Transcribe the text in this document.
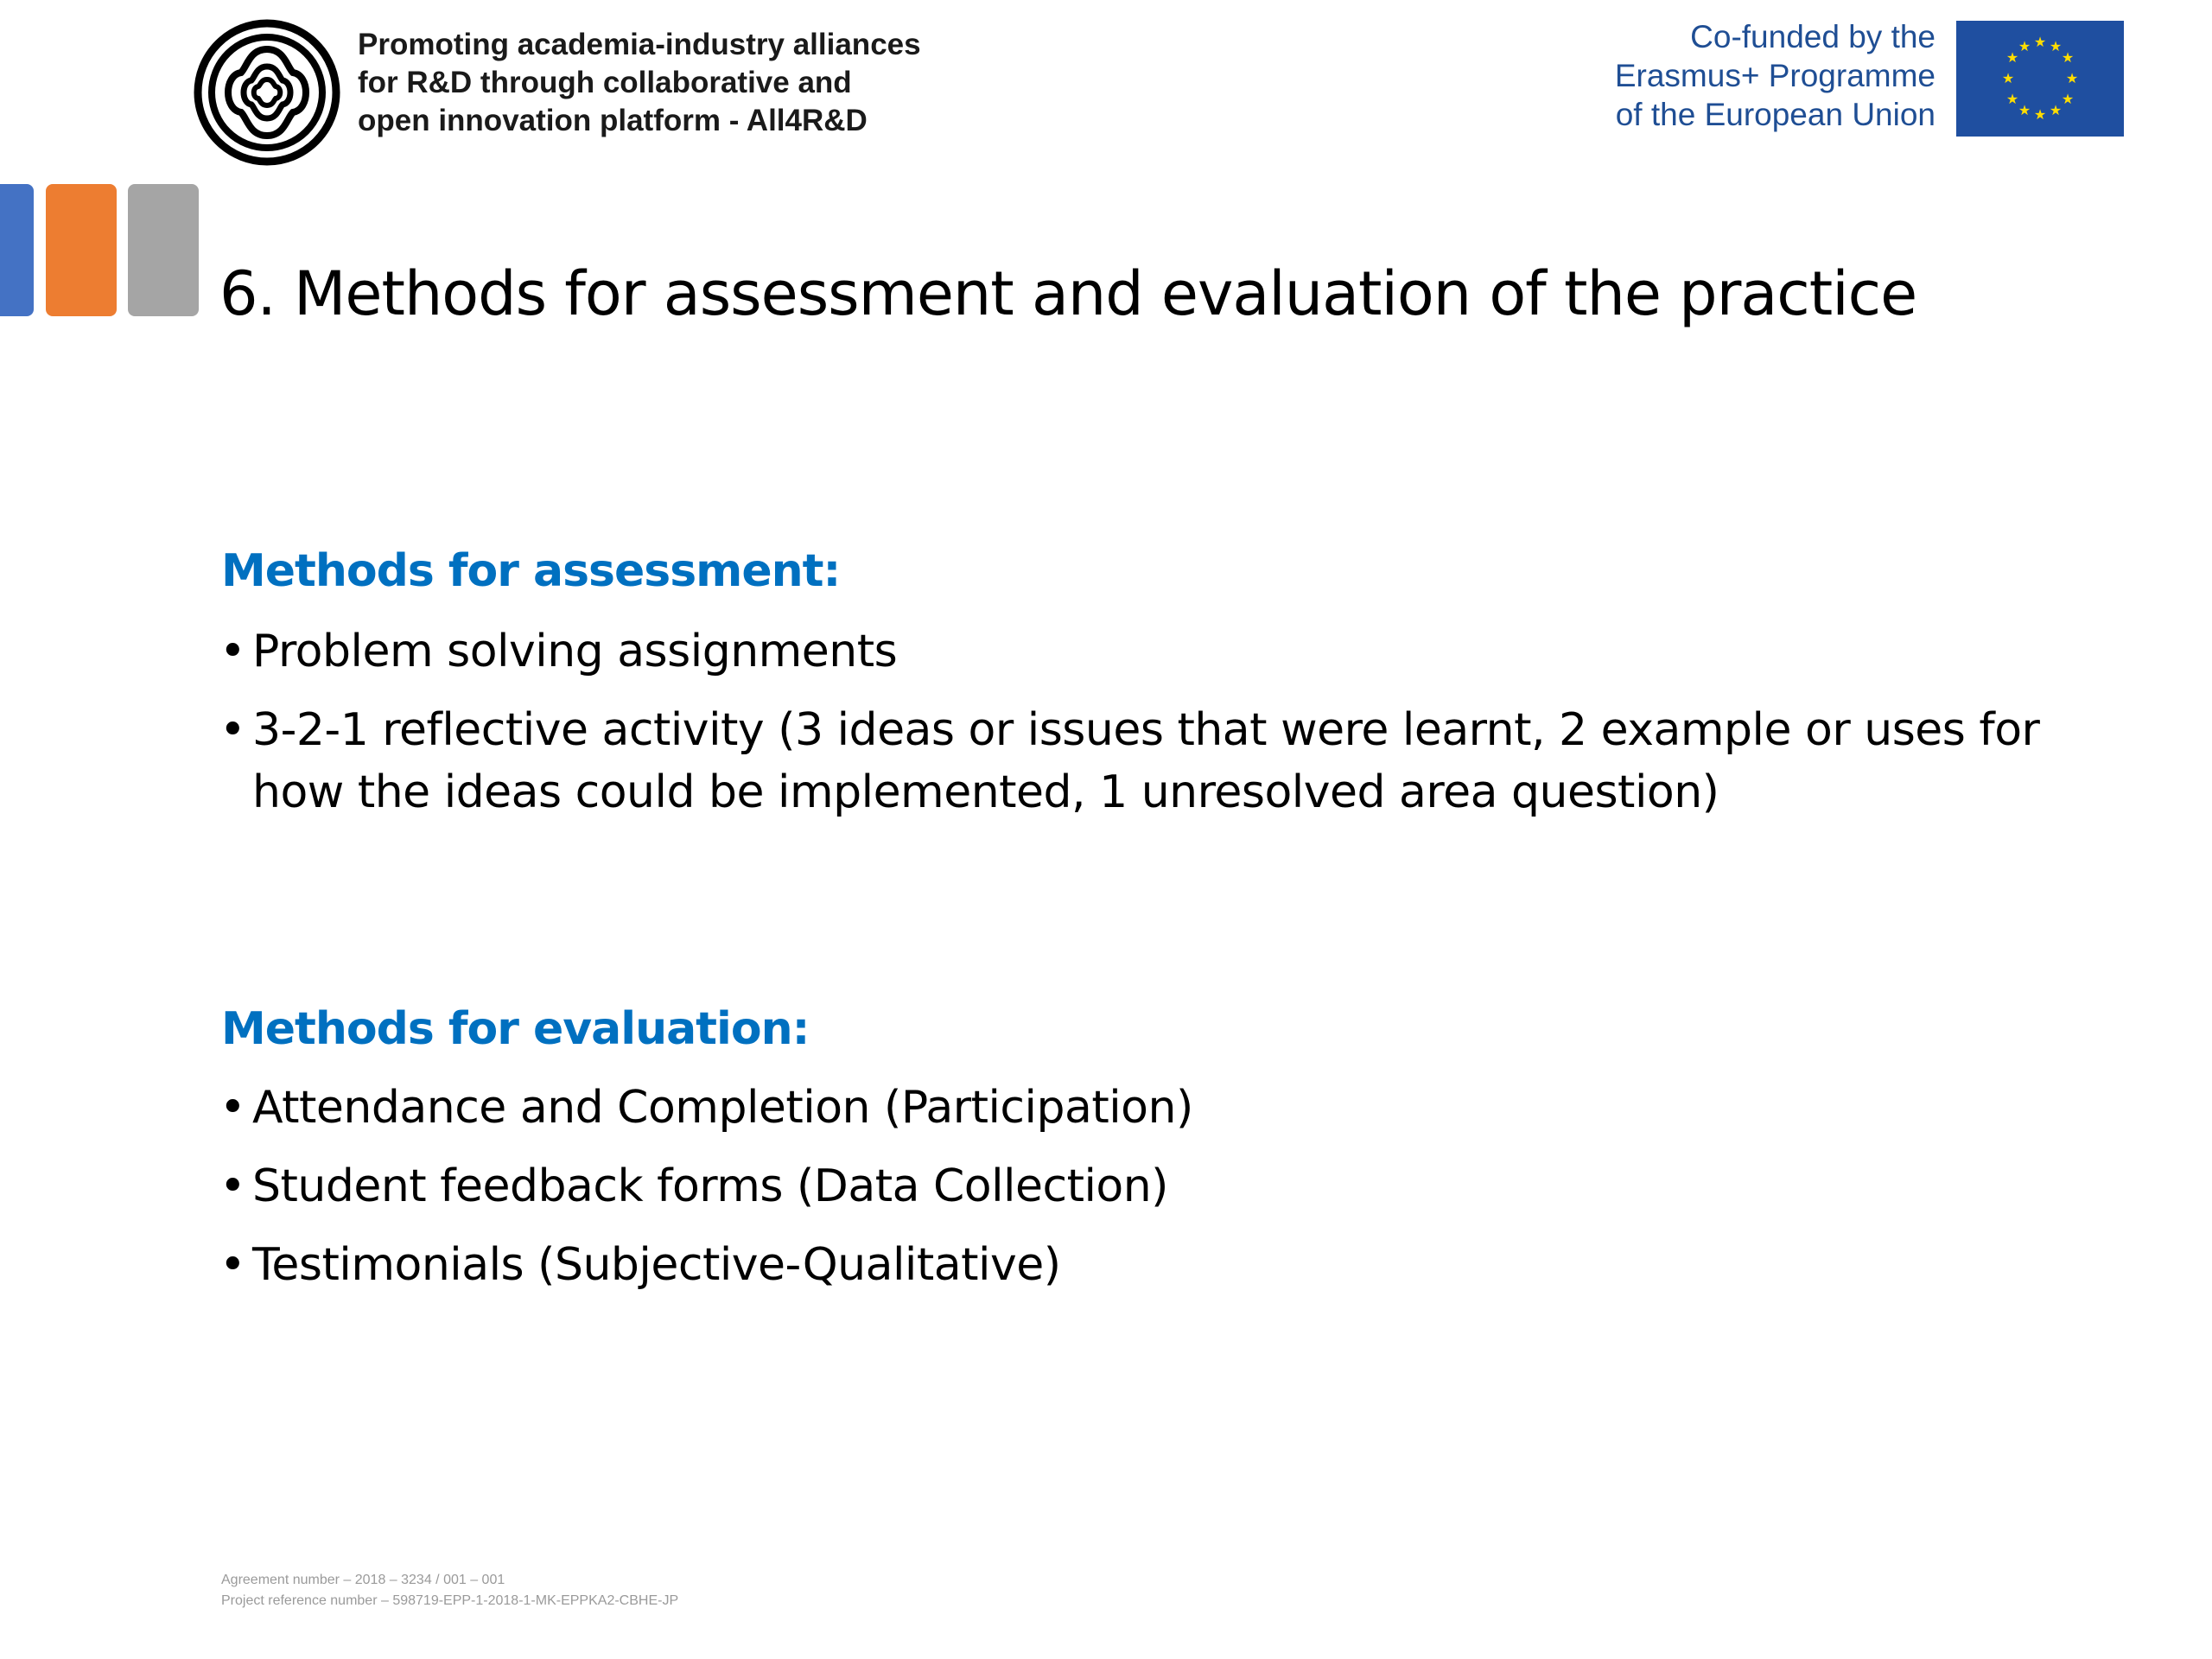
Promoting academia-industry alliances
for R&D through collaborative and
open innovation platform - All4R&D
Co-funded by the
Erasmus+ Programme
of the European Union
★ ★
★
★
★
★
★
★
★
★
★
★
6. Methods for assessment and evaluation of the practice
Methods for assessment:
• Problem solving assignments
• 3-2-1 reflective activity (3 ideas or issues that were learnt, 2 example or uses for how the ideas could be implemented, 1 unresolved area question)
Methods for evaluation:
• Attendance and Completion (Participation)
• Student feedback forms (Data Collection)
• Testimonials (Subjective-Qualitative)
Agreement number – 2018 – 3234 / 001 – 001
Project reference number – 598719-EPP-1-2018-1-MK-EPPKA2-CBHE-JP
